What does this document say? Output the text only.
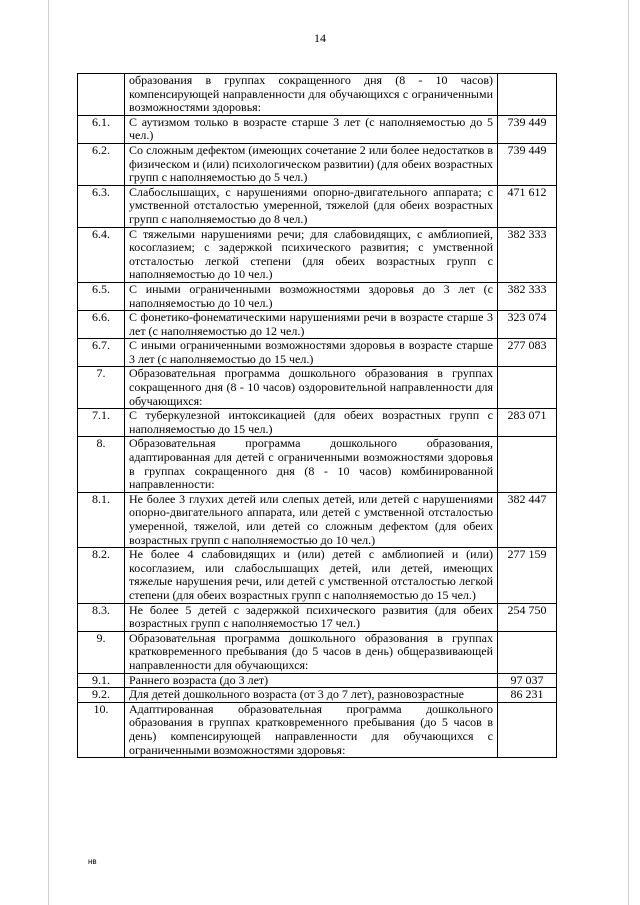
14
	образования в группах сокращенного дня (8 - 10 часов) компенсирующей направленности для обучающихся с ограниченными возможностями здоровья:	
6.1.	С аутизмом только в возрасте старше 3 лет (с наполняемостью до 5 чел.)	739 449
6.2.	Со сложным дефектом (имеющих сочетание 2 или более недостатков в физическом и (или) психологическом развитии) (для обеих возрастных групп с наполняемостью до 5 чел.)	739 449
6.3.	Слабослышащих, с нарушениями опорно-двигательного аппарата; с умственной отсталостью умеренной, тяжелой (для обеих возрастных групп с наполняемостью до 8 чел.)	471 612
6.4.	С тяжелыми нарушениями речи; для слабовидящих, с амблиопией, косоглазием; с задержкой психического развития; с умственной отсталостью легкой степени (для обеих возрастных групп с наполняемостью до 10 чел.)	382 333
6.5.	С иными ограниченными возможностями здоровья до 3 лет (с наполняемостью до 10 чел.)	382 333
6.6.	С фонетико-фонематическими нарушениями речи в возрасте старше 3 лет (с наполняемостью до 12 чел.)	323 074
6.7.	С иными ограниченными возможностями здоровья в возрасте старше 3 лет (с наполняемостью до 15 чел.)	277 083
7.	Образовательная программа дошкольного образования в группах сокращенного дня (8 - 10 часов) оздоровительной направленности для обучающихся:	
7.1.	С туберкулезной интоксикацией (для обеих возрастных групп с наполняемостью до 15 чел.)	283 071
8.	Образовательная программа дошкольного образования, адаптированная для детей с ограниченными возможностями здоровья в группах сокращенного дня (8 - 10 часов) комбинированной направленности:	
8.1.	Не более 3 глухих детей или слепых детей, или детей с нарушениями опорно-двигательного аппарата, или детей с умственной отсталостью умеренной, тяжелой, или детей со сложным дефектом (для обеих возрастных групп с наполняемостью до 10 чел.)	382 447
8.2.	Не более 4 слабовидящих и (или) детей с амблиопией и (или) косоглазием, или слабослышащих детей, или детей, имеющих тяжелые нарушения речи, или детей с умственной отсталостью легкой степени (для обеих возрастных групп с наполняемостью до 15 чел.)	277 159
8.3.	Не более 5 детей с задержкой психического развития (для обеих возрастных групп с наполняемостью 17 чел.)	254 750
9.	Образовательная программа дошкольного образования в группах кратковременного пребывания (до 5 часов в день) общеразвивающей направленности для обучающихся:	
9.1.	Раннего возраста (до 3 лет)	97 037
9.2.	Для детей дошкольного возраста (от 3 до 7 лет), разновозрастные	86 231
10.	Адаптированная образовательная программа дошкольного образования в группах кратковременного пребывания (до 5 часов в день) компенсирующей направленности для обучающихся с ограниченными возможностями здоровья:	
нв
